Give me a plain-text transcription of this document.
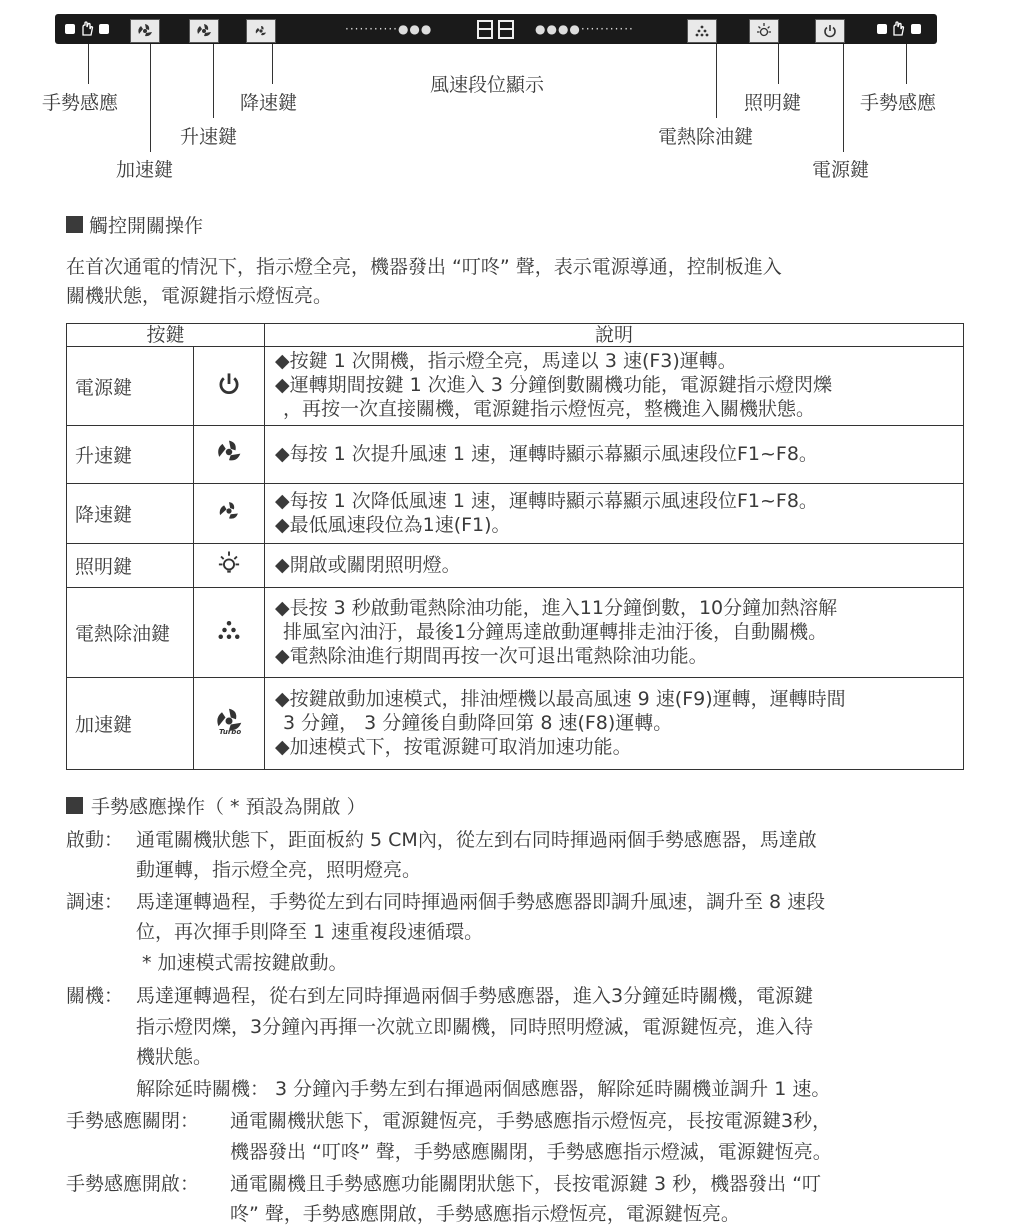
···········●●●	●●●●···········
手勢感應	降速鍵
升速鍵
加速鍵
風速段位顯示
照明鍵	手勢感應
電熱除油鍵
電源鍵
觸控開關操作
在首次通電的情況下，指示燈全亮，機器發出 “叮咚” 聲，表示電源導通，控制板進入
關機狀態，電源鍵指示燈恆亮。
按鍵		說明
電源鍵		◆按鍵 1 次開機，指示燈全亮，馬達以 3 速(F3)運轉。
◆運轉期間按鍵 1 次進入 3 分鐘倒數關機功能，電源鍵指示燈閃爍
，再按一次直接關機，電源鍵指示燈恆亮，整機進入關機狀態。

升速鍵		◆每按 1 次提升風速 1 速，運轉時顯示幕顯示風速段位F1~F8。

降速鍵		◆每按 1 次降低風速 1 速，運轉時顯示幕顯示風速段位F1~F8。
◆最低風速段位為1速(F1)。

照明鍵		◆開啟或關閉照明燈。

電熱除油鍵		◆長按 3 秒啟動電熱除油功能，進入11分鐘倒數，10分鐘加熱溶解
排風室內油汙，最後1分鐘馬達啟動運轉排走油汙後，自動關機。
◆電熱除油進行期間再按一次可退出電熱除油功能。

加速鍵	Turbo	◆按鍵啟動加速模式，排油煙機以最高風速 9 速(F9)運轉，運轉時間
3 分鐘， 3 分鐘後自動降回第 8 速(F8)運轉。
◆加速模式下，按電源鍵可取消加速功能。
手勢感應操作（ * 預設為開啟 ）
啟動： 通電關機狀態下，距面板約 5 CM內，從左到右同時揮過兩個手勢感應器，馬達啟
動運轉，指示燈全亮，照明燈亮。
調速： 馬達運轉過程，手勢從左到右同時揮過兩個手勢感應器即調升風速，調升至 8 速段
位，再次揮手則降至 1 速重複段速循環。
* 加速模式需按鍵啟動。
關機： 馬達運轉過程，從右到左同時揮過兩個手勢感應器，進入3分鐘延時關機，電源鍵
指示燈閃爍，3分鐘內再揮一次就立即關機，同時照明燈滅，電源鍵恆亮，進入待
機狀態。
解除延時關機： 3 分鐘內手勢左到右揮過兩個感應器，解除延時關機並調升 1 速。
手勢感應關閉： 通電關機狀態下，電源鍵恆亮，手勢感應指示燈恆亮，長按電源鍵3秒，
機器發出 “叮咚” 聲，手勢感應關閉，手勢感應指示燈滅，電源鍵恆亮。
手勢感應開啟： 通電關機且手勢感應功能關閉狀態下，長按電源鍵 3 秒，機器發出 “叮
咚” 聲，手勢感應開啟，手勢感應指示燈恆亮，電源鍵恆亮。
